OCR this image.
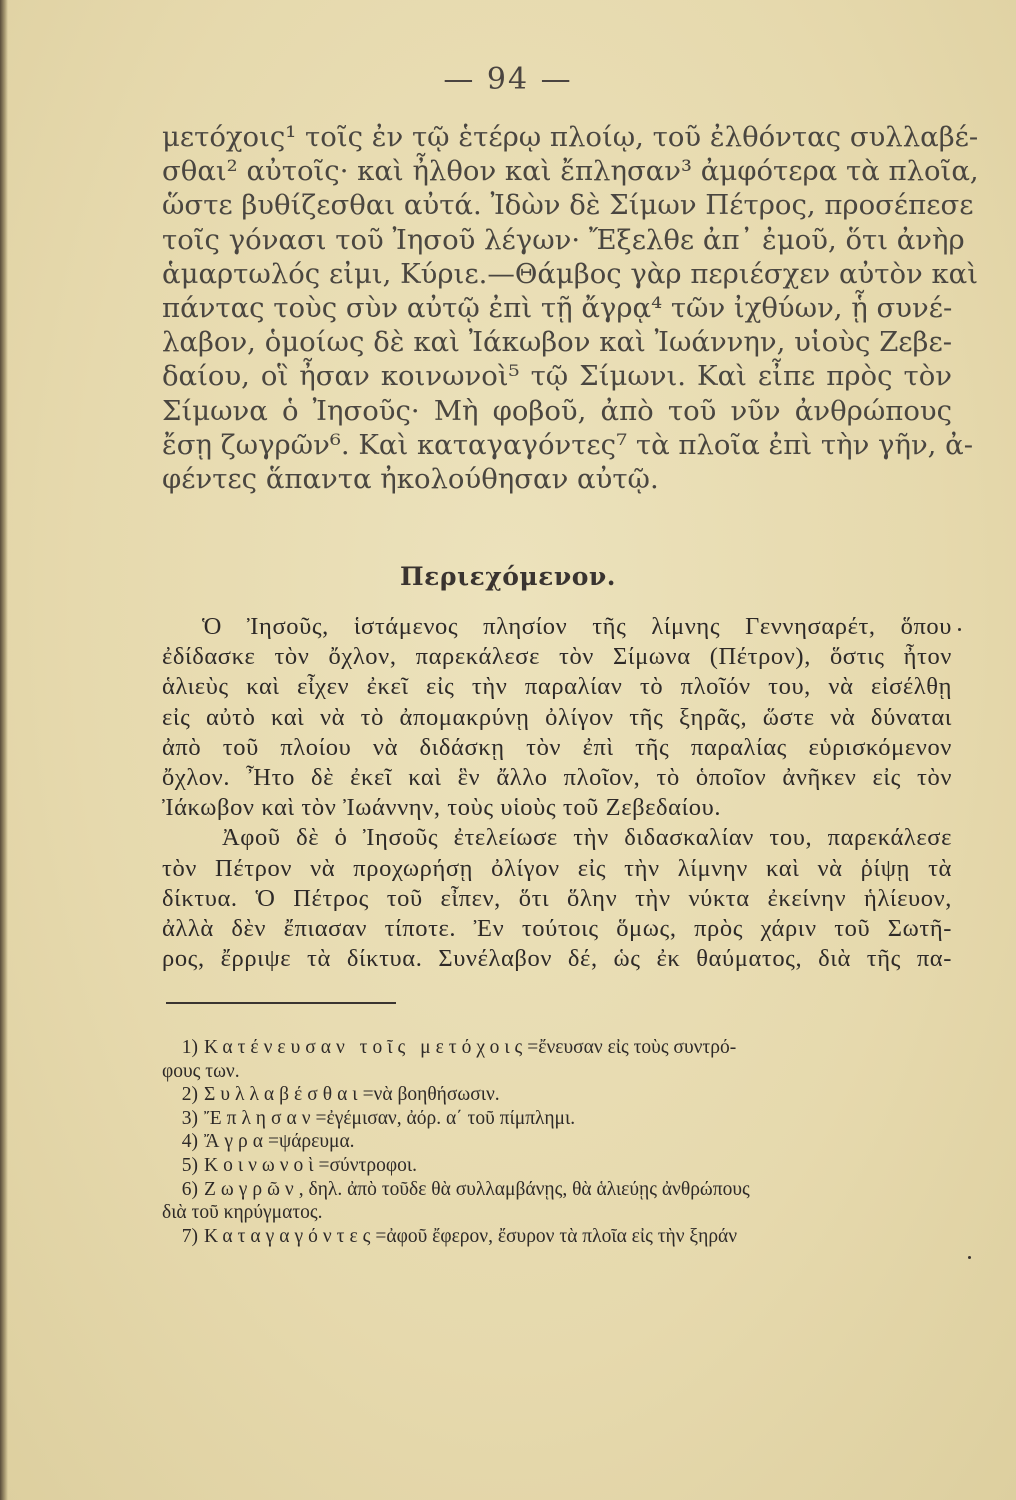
— 94 —
μετόχοις¹ τοῖς ἐν τῷ ἑτέρῳ πλοίῳ, τοῦ ἐλθόντας συλλαβέ-
σθαι² αὐτοῖς· καὶ ἦλθον καὶ ἔπλησαν³ ἀμφότερα τὰ πλοῖα,
ὥστε βυθίζεσθαι αὐτά. Ἰδὼν δὲ Σίμων Πέτρος, προσέπεσε
τοῖς γόνασι τοῦ Ἰησοῦ λέγων· Ἔξελθε ἀπ᾽ ἐμοῦ, ὅτι ἀνὴρ
ἁμαρτωλός εἰμι, Κύριε.—Θάμβος γὰρ περιέσχεν αὐτὸν καὶ
πάντας τοὺς σὺν αὐτῷ ἐπὶ τῇ ἄγρᾳ⁴ τῶν ἰχθύων, ᾗ συνέ-
λαβον, ὁμοίως δὲ καὶ Ἰάκωβον καὶ Ἰωάννην, υἱοὺς Ζεβε-
δαίου, οἳ ἦσαν κοινωνοὶ⁵ τῷ Σίμωνι. Καὶ εἶπε πρὸς τὸν
Σίμωνα ὁ Ἰησοῦς· Μὴ φοβοῦ, ἀπὸ τοῦ νῦν ἀνθρώπους
ἔσῃ ζωγρῶν⁶. Καὶ καταγαγόντες⁷ τὰ πλοῖα ἐπὶ τὴν γῆν, ἀ-
φέντες ἅπαντα ἠκολούθησαν αὐτῷ.
Περιεχόμενον.
Ὁ Ἰησοῦς, ἱστάμενος πλησίον τῆς λίμνης Γεννησαρέτ, ὅπου
ἐδίδασκε τὸν ὄχλον, παρεκάλεσε τὸν Σίμωνα (Πέτρον), ὅστις ἦτον
ἁλιεὺς καὶ εἶχεν ἐκεῖ εἰς τὴν παραλίαν τὸ πλοῖόν του, νὰ εἰσέλθῃ
εἰς αὐτὸ καὶ νὰ τὸ ἀπομακρύνῃ ὀλίγον τῆς ξηρᾶς, ὥστε νὰ δύναται
ἀπὸ τοῦ πλοίου νὰ διδάσκῃ τὸν ἐπὶ τῆς παραλίας εὑρισκόμενον
ὄχλον. Ἦτο δὲ ἐκεῖ καὶ ἓν ἄλλο πλοῖον, τὸ ὁποῖον ἀνῆκεν εἰς τὸν
Ἰάκωβον καὶ τὸν Ἰωάννην, τοὺς υἱοὺς τοῦ Ζεβεδαίου.
Ἀφοῦ δὲ ὁ Ἰησοῦς ἐτελείωσε τὴν διδασκαλίαν του, παρεκάλεσε
τὸν Πέτρον νὰ προχωρήσῃ ὀλίγον εἰς τὴν λίμνην καὶ νὰ ῥίψῃ τὰ
δίκτυα. Ὁ Πέτρος τοῦ εἶπεν, ὅτι ὅλην τὴν νύκτα ἐκείνην ἡλίευον,
ἀλλὰ δὲν ἔπιασαν τίποτε. Ἐν τούτοις ὅμως, πρὸς χάριν τοῦ Σωτῆ-
ρος, ἔρριψε τὰ δίκτυα. Συνέλαβον δέ, ὡς ἐκ θαύματος, διὰ τῆς πα-
1) Κατένευσαν τοῖς μετόχοις=ἔνευσαν εἰς τοὺς συντρό-
φους των.
2) Συλλαβέσθαι=νὰ βοηθήσωσιν.
3) Ἔπλησαν=ἐγέμισαν, ἀόρ. α΄ τοῦ πίμπλημι.
4) Ἄγρα=ψάρευμα.
5) Κοινωνοὶ=σύντροφοι.
6) Ζωγρῶν, δηλ. ἀπὸ τοῦδε θὰ συλλαμβάνῃς, θὰ ἁλιεύῃς ἀνθρώπους
διὰ τοῦ κηρύγματος.
7) Καταγαγόντες=ἀφοῦ ἔφερον, ἔσυρον τὰ πλοῖα εἰς τὴν ξηράν
